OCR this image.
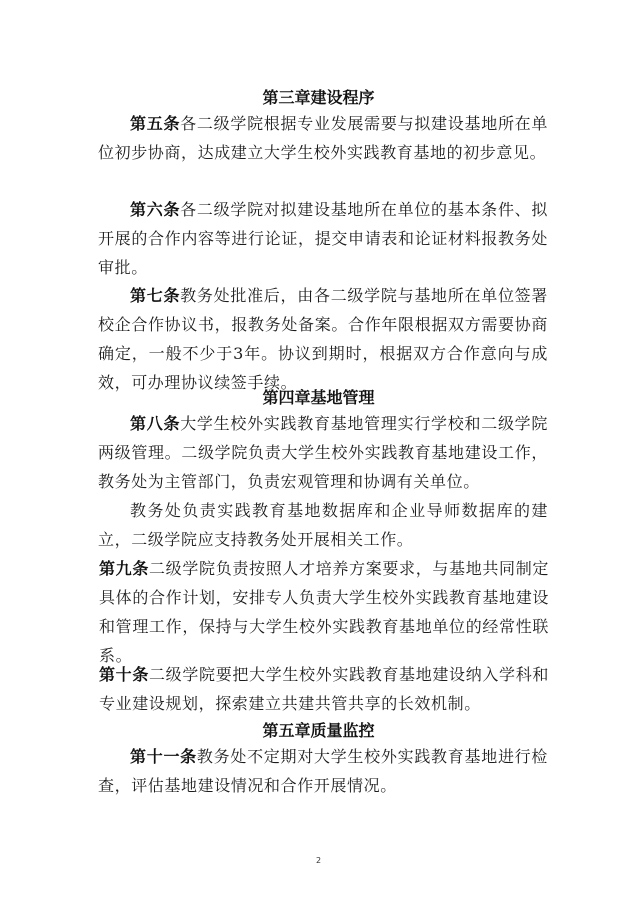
第三章建设程序
第五条各二级学院根据专业发展需要与拟建设基地所在单位初步协商，达成建立大学生校外实践教育基地的初步意见。
第六条各二级学院对拟建设基地所在单位的基本条件、拟开展的合作内容等进行论证，提交申请表和论证材料报教务处审批。
第七条教务处批准后，由各二级学院与基地所在单位签署校企合作协议书，报教务处备案。合作年限根据双方需要协商确定，一般不少于3年。协议到期时，根据双方合作意向与成效，可办理协议续签手续。
第四章基地管理
第八条大学生校外实践教育基地管理实行学校和二级学院两级管理。二级学院负责大学生校外实践教育基地建设工作，教务处为主管部门，负责宏观管理和协调有关单位。
教务处负责实践教育基地数据库和企业导师数据库的建立，二级学院应支持教务处开展相关工作。
第九条二级学院负责按照人才培养方案要求，与基地共同制定具体的合作计划，安排专人负责大学生校外实践教育基地建设和管理工作，保持与大学生校外实践教育基地单位的经常性联系。
第十条二级学院要把大学生校外实践教育基地建设纳入学科和专业建设规划，探索建立共建共管共享的长效机制。
第五章质量监控
第十一条教务处不定期对大学生校外实践教育基地进行检查，评估基地建设情况和合作开展情况。
2
